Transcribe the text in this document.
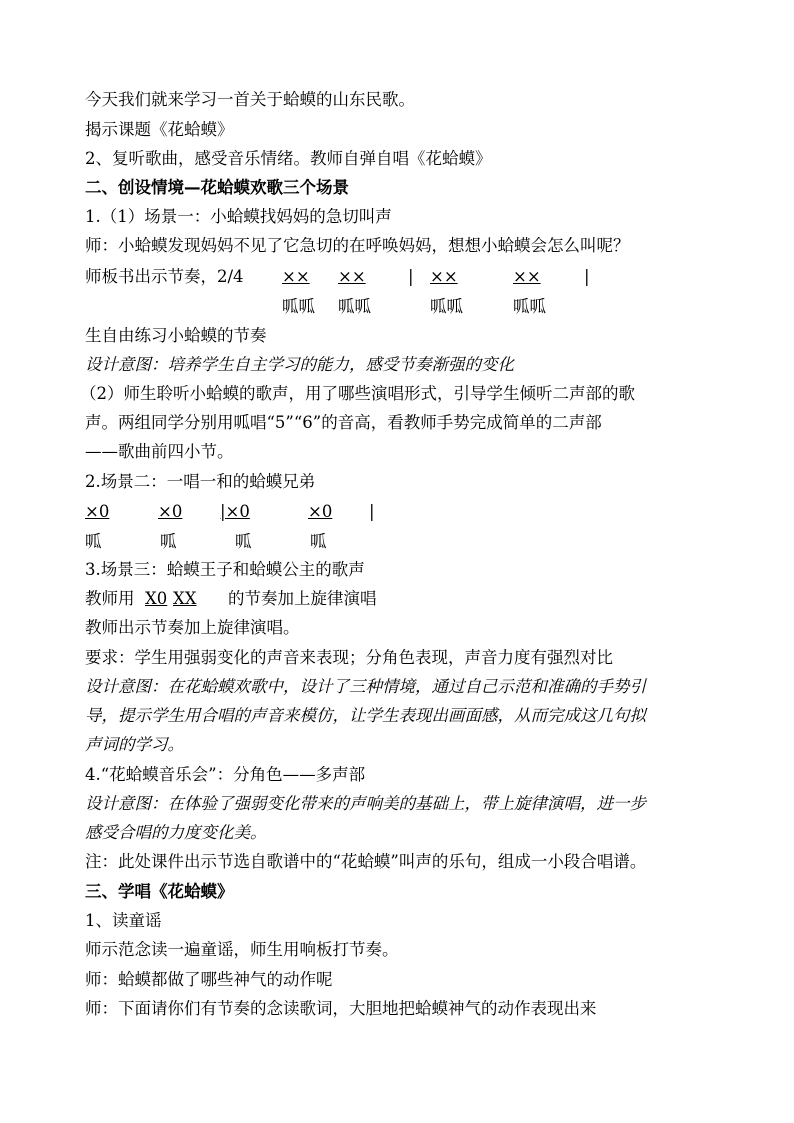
今天我们就来学习一首关于蛤蟆的山东民歌。
揭示课题《花蛤蟆》
2、复听歌曲，感受音乐情绪。教师自弹自唱《花蛤蟆》
二、创设情境—花蛤蟆欢歌三个场景
1.（1）场景一：小蛤蟆找妈妈的急切叫声
师：小蛤蟆发现妈妈不见了它急切的在呼唤妈妈，想想小蛤蟆会怎么叫呢？
师板书出示节奏，2/4 ×× ××	| ××	××	|
呱呱 呱呱	呱呱	呱呱
生自由练习小蛤蟆的节奏
设计意图：培养学生自主学习的能力，感受节奏渐强的变化
（2）师生聆听小蛤蟆的歌声，用了哪些演唱形式，引导学生倾听二声部的歌
声。两组同学分别用呱唱“5”“6”的音高，看教师手势完成简单的二声部
——歌曲前四小节。
2.场景二：一唱一和的蛤蟆兄弟
×0	×0 |×0	×0 |
呱	呱	呱	呱
3.场景三：蛤蟆王子和蛤蟆公主的歌声
教师用 X0 XX	的节奏加上旋律演唱
教师出示节奏加上旋律演唱。
要求：学生用强弱变化的声音来表现；分角色表现，声音力度有强烈对比
设计意图：在花蛤蟆欢歌中，设计了三种情境，通过自己示范和准确的手势引
导，提示学生用合唱的声音来模仿，让学生表现出画面感，从而完成这几句拟
声词的学习。
4.“花蛤蟆音乐会”：分角色——多声部
设计意图：在体验了强弱变化带来的声响美的基础上，带上旋律演唱，进一步
感受合唱的力度变化美。
注：此处课件出示节选自歌谱中的“花蛤蟆”叫声的乐句，组成一小段合唱谱。
三、学唱《花蛤蟆》
1、读童谣
师示范念读一遍童谣，师生用响板打节奏。
师：蛤蟆都做了哪些神气的动作呢
师：下面请你们有节奏的念读歌词，大胆地把蛤蟆神气的动作表现出来
